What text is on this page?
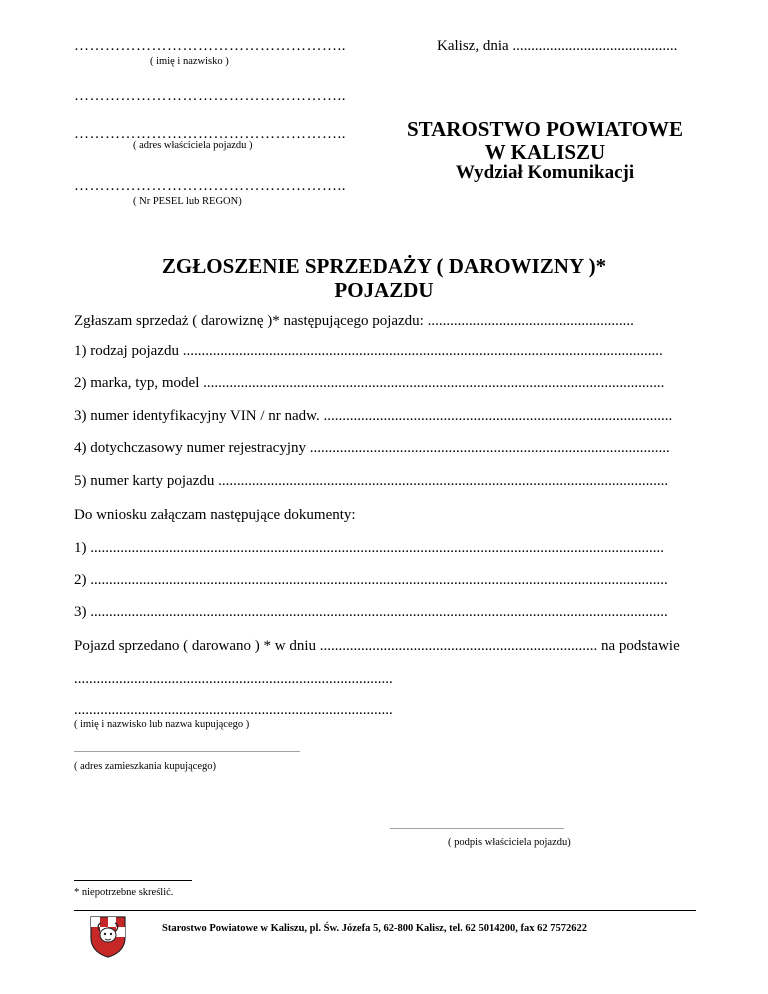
……………………………………………..
( imię i nazwisko )
……………………………………………..
……………………………………………..
( adres właściciela pojazdu )
……………………………………………..
( Nr PESEL lub REGON)
Kalisz, dnia ............................................
STAROSTWO POWIATOWE
W KALISZU
Wydział Komunikacji
ZGŁOSZENIE SPRZEDAŻY ( DAROWIZNY )*
POJAZDU
Zgłaszam sprzedaż ( darowiznę )* następującego pojazdu: .......................................................
1) rodzaj pojazdu ................................................................................................................................
2) marka, typ, model ...........................................................................................................................
3) numer identyfikacyjny VIN / nr nadw. .............................................................................................
4) dotychczasowy numer rejestracyjny ................................................................................................
5) numer karty pojazdu ........................................................................................................................
Do wniosku załączam następujące dokumenty:
1) .........................................................................................................................................................
2) ..........................................................................................................................................................
3) ..........................................................................................................................................................
Pojazd sprzedano ( darowano ) * w dniu .......................................................................... na podstawie
.....................................................................................
.....................................................................................
( imię i nazwisko lub nazwa kupującego )
.................................................................................................................
( adres zamieszkania kupującego)
.......................................................................................
( podpis właściciela pojazdu)
* niepotrzebne skreślić.
Starostwo Powiatowe w Kaliszu, pl. Św. Józefa 5, 62-800 Kalisz, tel. 62 5014200, fax 62 7572622
